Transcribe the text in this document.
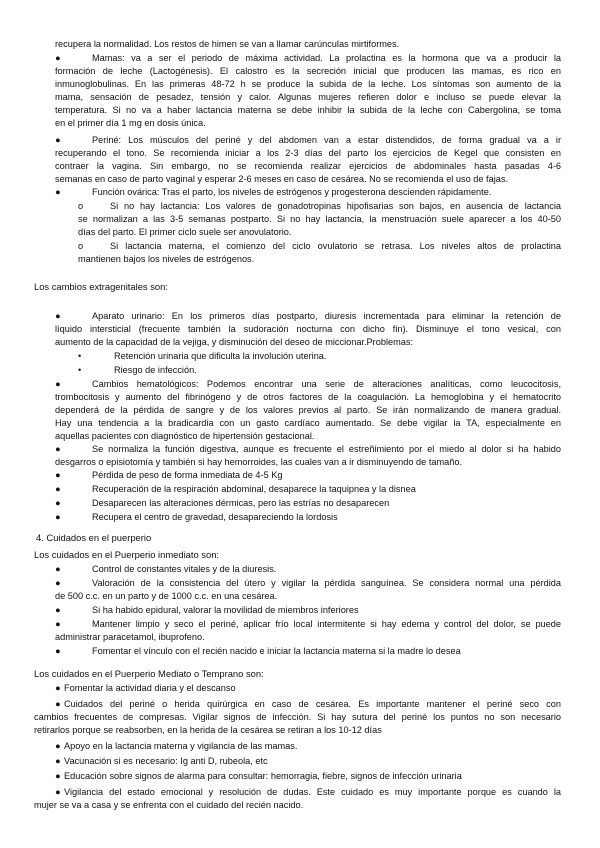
recupera la normalidad. Los restos de himen se van a llamar carúnculas mirtiformes.
●	Mamas: va a ser el periodo de máxima actividad. La prolactina es la hormona que va a producir la
formación de leche (Lactogénesis). El calostro es la secreción inicial que producen las mamas, es rico en
inmunoglobulinas. En las primeras 48-72 h se produce la subida de la leche. Los síntomas son aumento de la
mama, sensación de pesadez, tensión y calor. Algunas mujeres refieren dolor e incluso se puede elevar la
temperatura. Si no va a haber lactancia materna se debe inhibir la subida de la leche con Cabergolina, se toma
en el primer día 1 mg en dosis única.
●	Periné: Los músculos del periné y del abdomen van a estar distendidos, de forma gradual va a ir
recuperando el tono. Se recomienda iniciar a los 2-3 días del parto los ejercicios de Kegel que consisten en
contraer la vagina. Sin embargo, no se recomienda realizar ejercicios de abdominales hasta pasadas 4-6
semanas en caso de parto vaginal y esperar 2-6 meses en caso de cesárea. No se recomienda el uso de fajas.
●	Función ovárica: Tras el parto, los niveles de estrógenos y progesterona descienden rápidamente.
o	Si no hay lactancia: Los valores de gonadotropinas hipofisarias son bajos, en ausencia de lactancia
se normalizan a las 3-5 semanas postparto. Si no hay lactancia, la menstruación suele aparecer a los 40-50
días del parto. El primer ciclo suele ser anovulatorio.
o	Si lactancia materna, el comienzo del ciclo ovulatorio se retrasa. Los niveles altos de prolactina
mantienen bajos los niveles de estrógenos.
Los cambios extragenitales son:
●	Aparato urinario: En los primeros días postparto, diuresis incrementada para eliminar la retención de
líquido intersticial (frecuente también la sudoración nocturna con dicho fin). Disminuye el tono vesical, con
aumento de la capacidad de la vejiga, y disminución del deseo de miccionar.Problemas:
•	Retención urinaria que dificulta la involución uterina.
•	Riesgo de infección.
●	Cambios hematológicos: Podemos encontrar una serie de alteraciones analíticas, como leucocitosis,
trombocitosis y aumento del fibrinógeno y de otros factores de la coagulación. La hemoglobina y el hematocrito
dependerá de la pérdida de sangre y de los valores previos al parto. Se irán normalizando de manera gradual.
Hay una tendencia a la bradicardia con un gasto cardíaco aumentado. Se debe vigilar la TA, especialmente en
aquellas pacientes con diagnóstico de hipertensión gestacional.
●	Se normaliza la función digestiva, aunque es frecuente el estreñimiento por el miedo al dolor si ha habido
desgarros o episiotomía y también si hay hemorroides, las cuales van a ir disminuyendo de tamaño.
●	Pérdida de peso de forma inmediata de 4-5 Kg
●	Recuperación de la respiración abdominal, desaparece la taquipnea y la disnea
●	Desaparecen las alteraciones dérmicas, pero las estrías no desaparecen
●	Recupera el centro de gravedad, desapareciendo la lordosis
4. Cuidados en el puerperio
Los cuidados en el Puerperio inmediato son:
●	Control de constantes vitales y de la diuresis.
●	Valoración de la consistencia del útero y vigilar la pérdida sanguínea. Se considera normal una pérdida
de 500 c.c. en un parto y de 1000 c.c. en una cesárea.
●	Si ha habido epidural, valorar la movilidad de miembros inferiores
●	Mantener limpio y seco el periné, aplicar frío local intermitente si hay edema y control del dolor, se puede
administrar paracetamol, ibuprofeno.
●	Fomentar el vínculo con el recién nacido e iniciar la lactancia materna si la madre lo desea
Los cuidados en el Puerperio Mediato o Temprano son:
● Fomentar la actividad diaria y el descanso
● Cuidados del periné o herida quirúrgica en caso de cesárea. Es importante mantener el periné seco con
cambios frecuentes de compresas. Vigilar signos de infección. Si hay sutura del periné los puntos no son necesario
retirarlos porque se reabsorben, en la herida de la cesárea se retiran a los 10-12 días
● Apoyo en la lactancia materna y vigilancia de las mamas.
● Vacunación si es necesario: Ig anti D, rubeola, etc
● Educación sobre signos de alarma para consultar: hemorragia, fiebre, signos de infección urinaria
● Vigilancia del estado emocional y resolución de dudas. Este cuidado es muy importante porque es cuando la
mujer se va a casa y se enfrenta con el cuidado del recién nacido.
